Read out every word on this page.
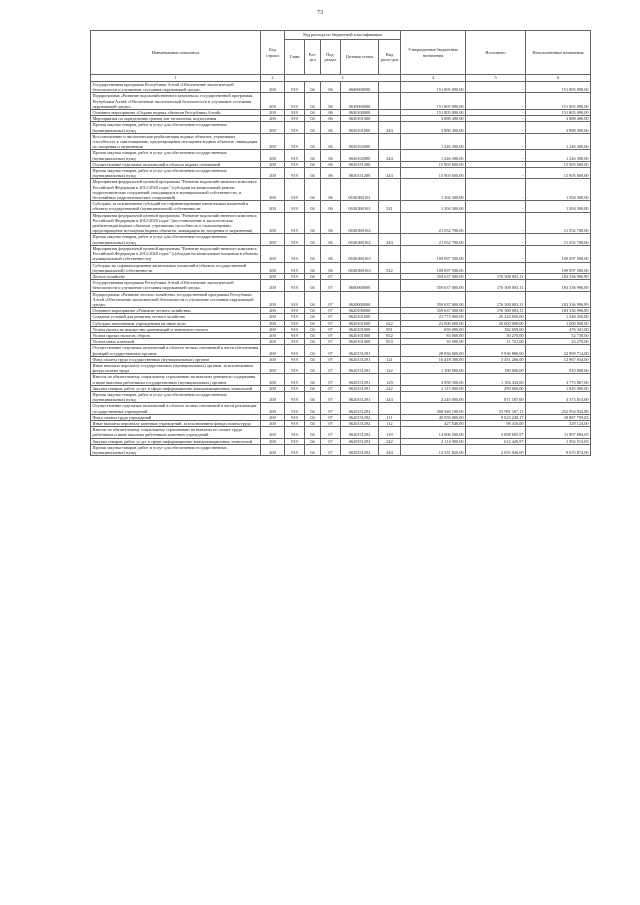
73
Наименование показателя	Код строки	Код расхода по бюджетной классификации					Утвержденные бюджетные назначения	Исполнено	Неисполненные назначения
		Глава	Раз-дел	Под-раздел	Целевая статья	Вид расхо-дов			
1	2	3					4	5	6
Государственная программа Республики Алтай «Обеспечение экологической безопасности и улучшение состояния окружающей среды»	200	919	04	06	0600000000		151 805 090,00	-	151 805 090,00
Подпрограмма «Развитие водохозяйственного комплекса» государственной программы Республики Алтай «Обеспечение экологической безопасности и улучшение состояния окружающей среды»	200	919	04	06	0630000000		151 805 090,00	-	151 805 090,00
Основное мероприятие «Охрана водных объектов Республики Алтай»	200	919	04	06	0630100000		151 805 090,00	-	151 805 090,00
Мероприятия по определению границ зон затопления, подтопления	200	919	04	06	0630101000		3 888 490,00	-	3 888 490,00
Прочая закупка товаров, работ и услуг для обеспечения государственных (муниципальных) нужд	200	919	04	06	0630101000	244	3 888 490,00	-	3 888 490,00
Восстановление и экологическая реабилитация водных объектов, утративших способность к самоочищению, предотвращение истощения водных объектов, ликвидация их засорения и загрязнения	200	919	04	06	0630102000		1 246 300,00	-	1 246 300,00
Прочая закупка товаров, работ и услуг для обеспечения государственных (муниципальных) нужд	200	919	04	06	0630102000	244	1 246 300,00	-	1 246 300,00
Осуществление отдельных полномочий в области водных отношений	200	919	04	06	0630151280		15 905 600,00	-	15 905 600,00
Прочая закупка товаров, работ и услуг для обеспечения государственных (муниципальных) нужд	200	919	04	06	0630151280	244	15 905 600,00	-	15 905 600,00
Мероприятия федеральной целевой программы "Развитие водохозяйственного комплекса Российской Федерации в 2012-2020 годах" (субсидии на капитальный ремонт гидротехнических сооружений, находящихся в муниципальной собственности, и бесхозяйных гидротехнических сооружений)	200	919	04	06	06301R0161		1 304 300,00	-	1 304 300,00
Субсидии, за исключением субсидий на софинансирование капитальных вложений в объекты государственной (муниципальной) собственности	200	919	04	06	06301R0161	521	1 304 300,00	-	1 304 300,00
Мероприятия федеральной целевой программы "Развитие водохозяйственного комплекса Российской Федерации в 2012-2020 годах" (восстановление и экологическая реабилитация водных объектов, утративших способность к самоочищению, предотвращение истощения водных объектов, ликвидация их засорения и загрязнения)	200	919	04	06	06301R0162		21 052 700,00	-	21 052 700,00
Прочая закупка товаров, работ и услуг для обеспечения государственных (муниципальных) нужд	200	919	04	06	06301R0162	244	21 052 700,00	-	21 052 700,00
Мероприятия федеральной целевой программы "Развитие водохозяйственного комплекса Российской Федерации в 2012-2020 годах" (субсидии на капитальные вложения в объекты муниципальной собственности)	200	919	04	06	06301R0163		109 097 500,00	-	109 097 500,00
Субсидии на софинансирование капитальных вложений в объекты государственной (муниципальной) собственности	200	919	04	06	06301R0163	522	109 097 500,00	-	109 097 500,00
Лесное хозяйство	200	919	04	07			359 637 000,00	176 300 003,11	183 336 996,89
Государственная программа Республики Алтай «Обеспечение экологической безопасности и улучшение состояния окружающей среды»	200	919	04	07	0600000000		359 637 000,00	176 300 003,11	183 336 996,89
Подпрограмма «Развитие лесного хозяйства» государственной программы Республики Алтай «Обеспечение экологической безопасности и улучшение состояния окружающей среды»	200	919	04	07	0620000000		359 637 000,00	176 300 003,11	183 336 996,89
Основное мероприятие «Развитие лесного хозяйства»	200	919	04	07	0620100000		359 637 000,00	176 300 003,11	183 336 996,89
Создание условий для развития лесного хозяйства	200	919	04	07	0620101000		21 773 000,00	20 224 650,00	1 548 350,00
Субсидии автономным учреждениям на иные цели	200	919	04	07	0620101000	622	21 000 000,00	20 000 000,00	1 000 000,00
Уплата налога на имущество организаций и земельного налога	200	919	04	07	0620101000	851	659 000,00	182 659,00	476 341,00
Уплата прочих налогов, сборов	200	919	04	07	0620101000	852	83 000,00	30 270,00	52 730,00
Уплата иных платежей	200	919	04	07	0620101000	853	35 000,00	11 721,00	23 279,00
Осуществление отдельных полномочий в области лесных отношений в части обеспечения функций государственных органов	200	919	04	07	0620151291		28 836 600,00	5 936 886,00	22 899 714,00
Фонд оплаты труда государственных (муниципальных) органов	200	919	04	07	0620151291	121	16 418 300,00	3 451 266,00	12 967 034,00
Иные выплаты персоналу государственных (муниципальных) органов, за исключением фонда оплаты труда	200	919	04	07	0620151291	122	1 100 000,00	190 000,00	910 000,00
Взносы по обязательному социальному страхованию на выплаты денежного содержания и иные выплаты работникам государственных (муниципальных) органов	200	919	04	07	0620151291	129	4 958 300,00	1 184 433,00	3 773 867,00
Закупка товаров, работ, услуг в сфере информационно-коммуникационных технологий	200	919	04	07	0620151291	242	2 115 000,00	290 000,00	1 825 000,00
Прочая закупка товаров, работ и услуг для обеспечения государственных (муниципальных) нужд	200	919	04	07	0620151291	244	4 245 000,00	871 187,00	3 373 813,00
Осуществление отдельных полномочий в области лесных отношений в части реализации государственных учреждений	200	919	04	07	0620151292		308 946 100,00	55 991 167,11	252 954 932,89
Фонд оплаты труда учреждений	200	919	04	07	0620151292	111	49 059 000,00	9 023 240,17	39 887 759,83
Иные выплаты персоналу казенных учреждений, за исключением фонда оплаты труда	200	919	04	07	0620151292	112	427 540,00	98 416,00	329 124,00
Взносы по обязательному социальному страхованию на выплаты по оплате труда работников и иные выплаты работникам казенных учреждений	200	919	04	07	0620151292	119	14 906 500,00	3 008 605,97	11 897 894,03
Закупка товаров, работ, услуг в сфере информационно-коммуникационных технологий	200	919	04	07	0620151292	242	2 114 900,00	612 426,97	1 502 513,03
Прочая закупка товаров, работ и услуг для обеспечения государственных (муниципальных) нужд	200	919	04	07	0620151292	244	12 331 820,00	2 655 946,00	9 675 874,00
